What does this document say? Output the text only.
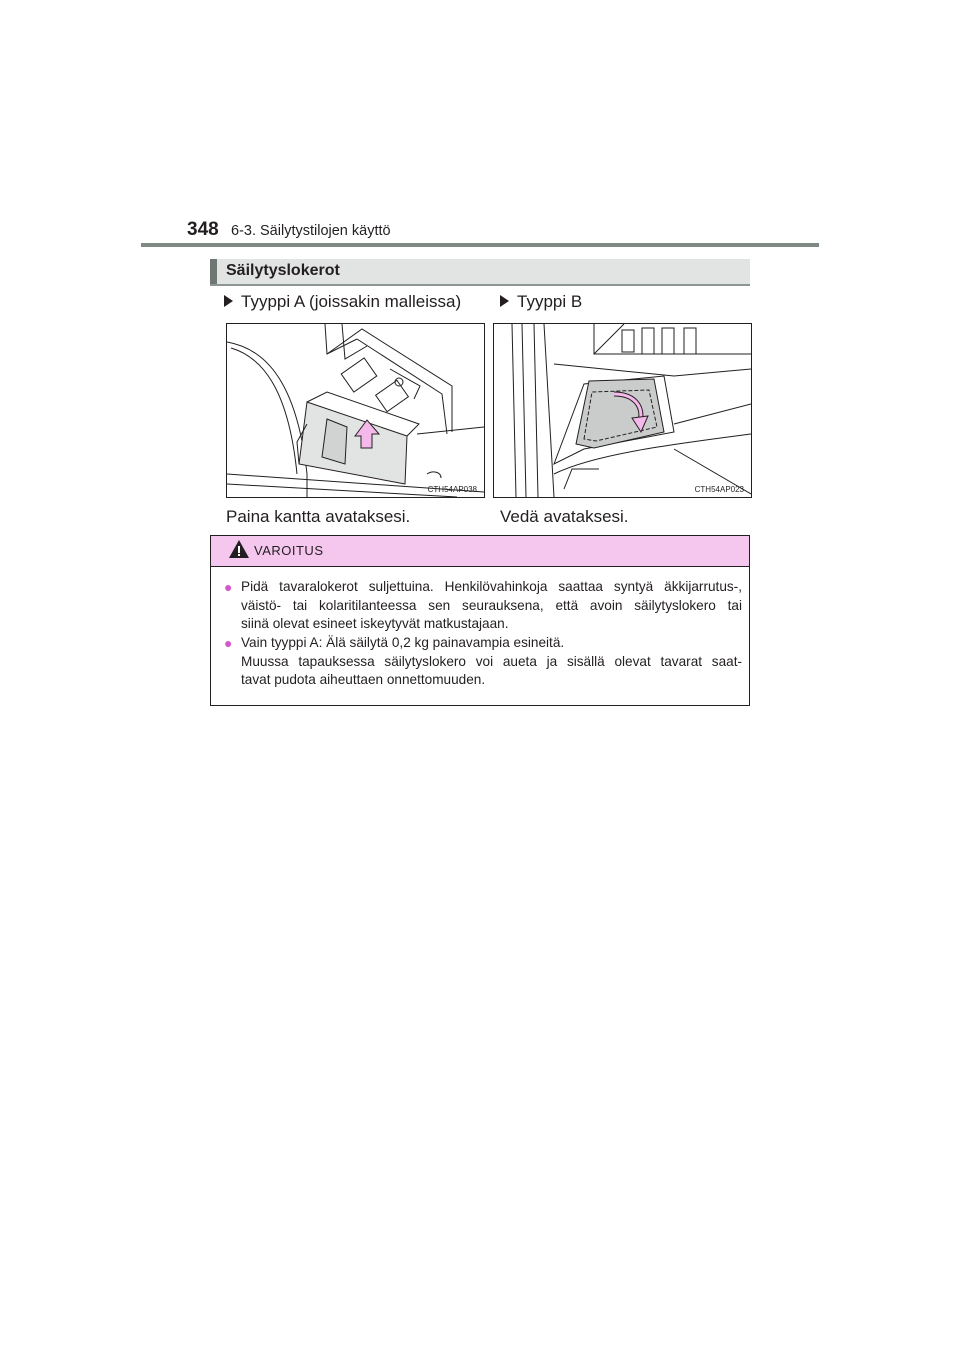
348 6-3. Säilytystilojen käyttö
Säilytyslokerot
Tyyppi A (joissakin malleissa)	Tyyppi B
CTH54AP038	CTH54AP023
Paina kantta avataksesi.	Vedä avataksesi.
VAROITUS
● Pidä tavaralokerot suljettuina. Henkilövahinkoja saattaa syntyä äkkijarrutus-,
väistö- tai kolaritilanteessa sen seurauksena, että avoin säilytyslokero tai
siinä olevat esineet iskeytyvät matkustajaan.
● Vain tyyppi A: Älä säilytä 0,2 kg painavampia esineitä.
Muussa tapauksessa säilytyslokero voi aueta ja sisällä olevat tavarat saat-
tavat pudota aiheuttaen onnettomuuden.
